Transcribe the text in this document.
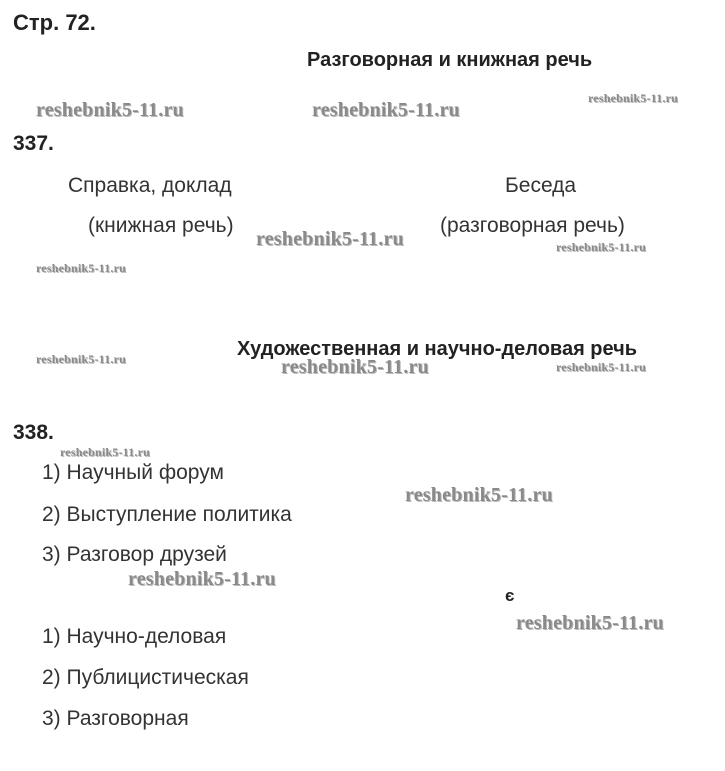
Стр. 72.
Разговорная и книжная речь
337.
Справка, доклад
(книжная речь)
Беседа
(разговорная речь)
Художественная и научно-деловая речь
338.
1) Научный форум
2) Выступление политика
3) Разговор друзей
є
1) Научно-деловая
2) Публицистическая
3) Разговорная
reshebnik5-11.ru	reshebnik5-11.ru
reshebnik5-11.ru
reshebnik5-11.ru	reshebnik5-11.ru
reshebnik5-11.ru
reshebnik5-11.ru	reshebnik5-11.ru	reshebnik5-11.ru
reshebnik5-11.ru
reshebnik5-11.ru
reshebnik5-11.ru
reshebnik5-11.ru
